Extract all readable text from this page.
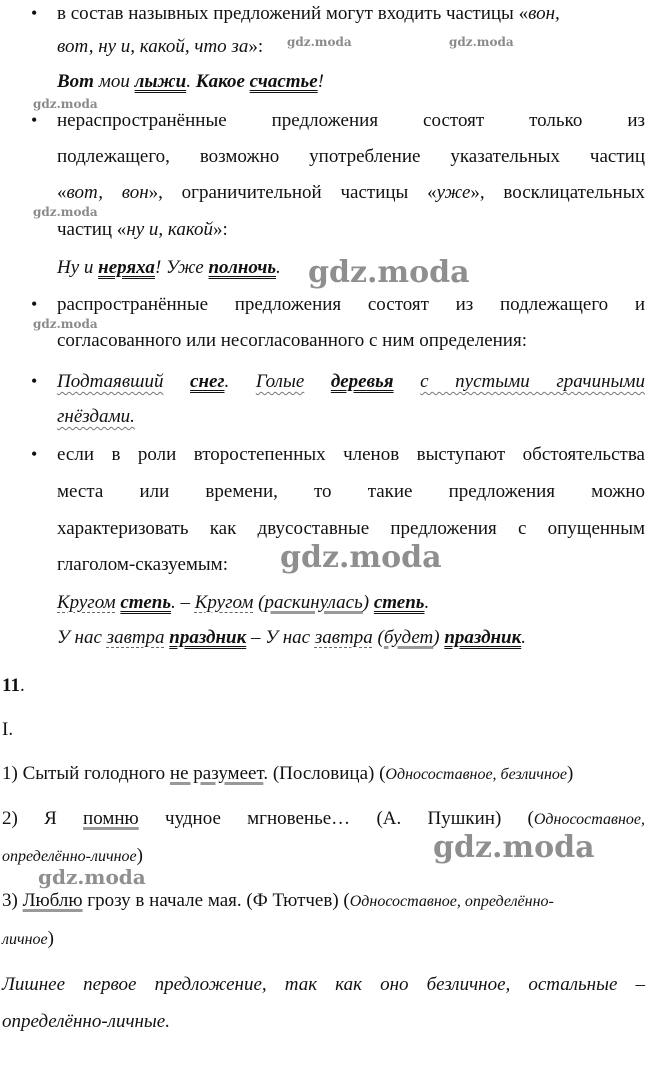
• в состав назывных предложений могут входить частицы «вон,
вот, ну и, какой, что за»:
Вот мои лыжи. Какое счастье!
• нераспространённые предложения состоят только из
подлежащего, возможно употребление указательных частиц
«вот, вон», ограничительной частицы «уже», восклицательных
частиц «ну и, какой»:
Ну и неряха! Уже полночь.
• распространённые предложения состоят из подлежащего и
согласованного или несогласованного с ним определения:
• Подтаявший снег. Голые деревья с пустыми грачиными
гнёздами.
• если в роли второстепенных членов выступают обстоятельства
места или времени, то такие предложения можно
характеризовать как двусоставные предложения с опущенным
глаголом-сказуемым:
Кругом степь. – Кругом (раскинулась) степь.
У нас завтра праздник – У нас завтра (будет) праздник.
11.
I.
1) Сытый голодного не разумеет. (Пословица) (Односоставное, безличное)
2) Я помню чудное мгновенье… (А. Пушкин) (Односоставное,
определённо-личное)
3) Люблю грозу в начале мая. (Ф Тютчев) (Односоставное, определённо-
личное)
Лишнее первое предложение, так как оно безличное, остальные –
определённо-личные.
gdz.moda	gdz.moda
gdz.moda
gdz.moda
gdz.moda
gdz.moda
gdz.moda
gdz.moda
gdz.moda
